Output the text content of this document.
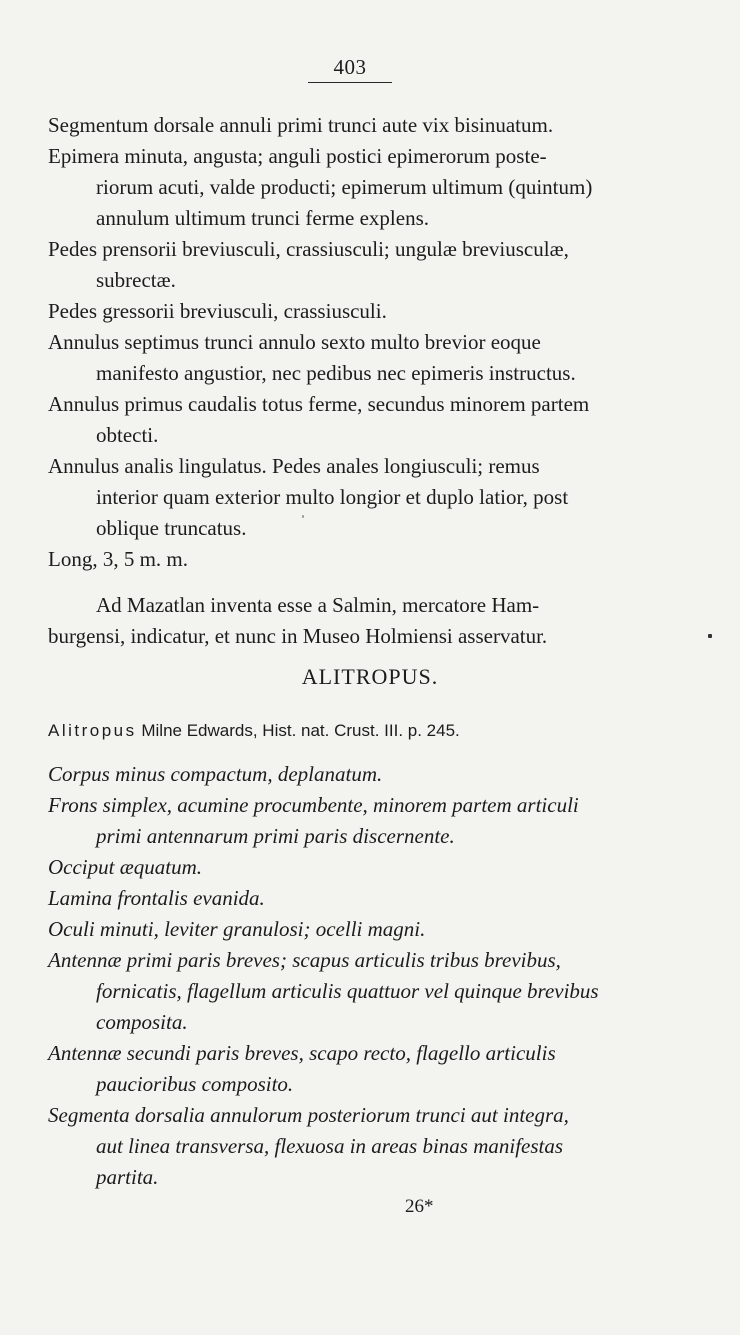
403
Segmentum dorsale annuli primi trunci aute vix bisinuatum.
Epimera minuta, angusta; anguli postici epimerorum poste-
riorum acuti, valde producti; epimerum ultimum (quintum)
annulum ultimum trunci ferme explens.
Pedes prensorii breviusculi, crassiusculi; ungulæ breviusculæ,
subrectæ.
Pedes gressorii breviusculi, crassiusculi.
Annulus septimus trunci annulo sexto multo brevior eoque
manifesto angustior, nec pedibus nec epimeris instructus.
Annulus primus caudalis totus ferme, secundus minorem partem
obtecti.
Annulus analis lingulatus. Pedes anales longiusculi; remus
interior quam exterior multo longior et duplo latior, post
oblique truncatus.
Long, 3, 5 m. m.
Ad Mazatlan inventa esse a Salmin, mercatore Ham-
burgensi, indicatur, et nunc in Museo Holmiensi asservatur.
ALITROPUS.
Alitropus Milne Edwards, Hist. nat. Crust. III. p. 245.
Corpus minus compactum, deplanatum.
Frons simplex, acumine procumbente, minorem partem articuli
primi antennarum primi paris discernente.
Occiput æquatum.
Lamina frontalis evanida.
Oculi minuti, leviter granulosi; ocelli magni.
Antennæ primi paris breves; scapus articulis tribus brevibus,
fornicatis, flagellum articulis quattuor vel quinque brevibus
composita.
Antennæ secundi paris breves, scapo recto, flagello articulis
paucioribus composito.
Segmenta dorsalia annulorum posteriorum trunci aut integra,
aut linea transversa, flexuosa in areas binas manifestas
partita.
26*
